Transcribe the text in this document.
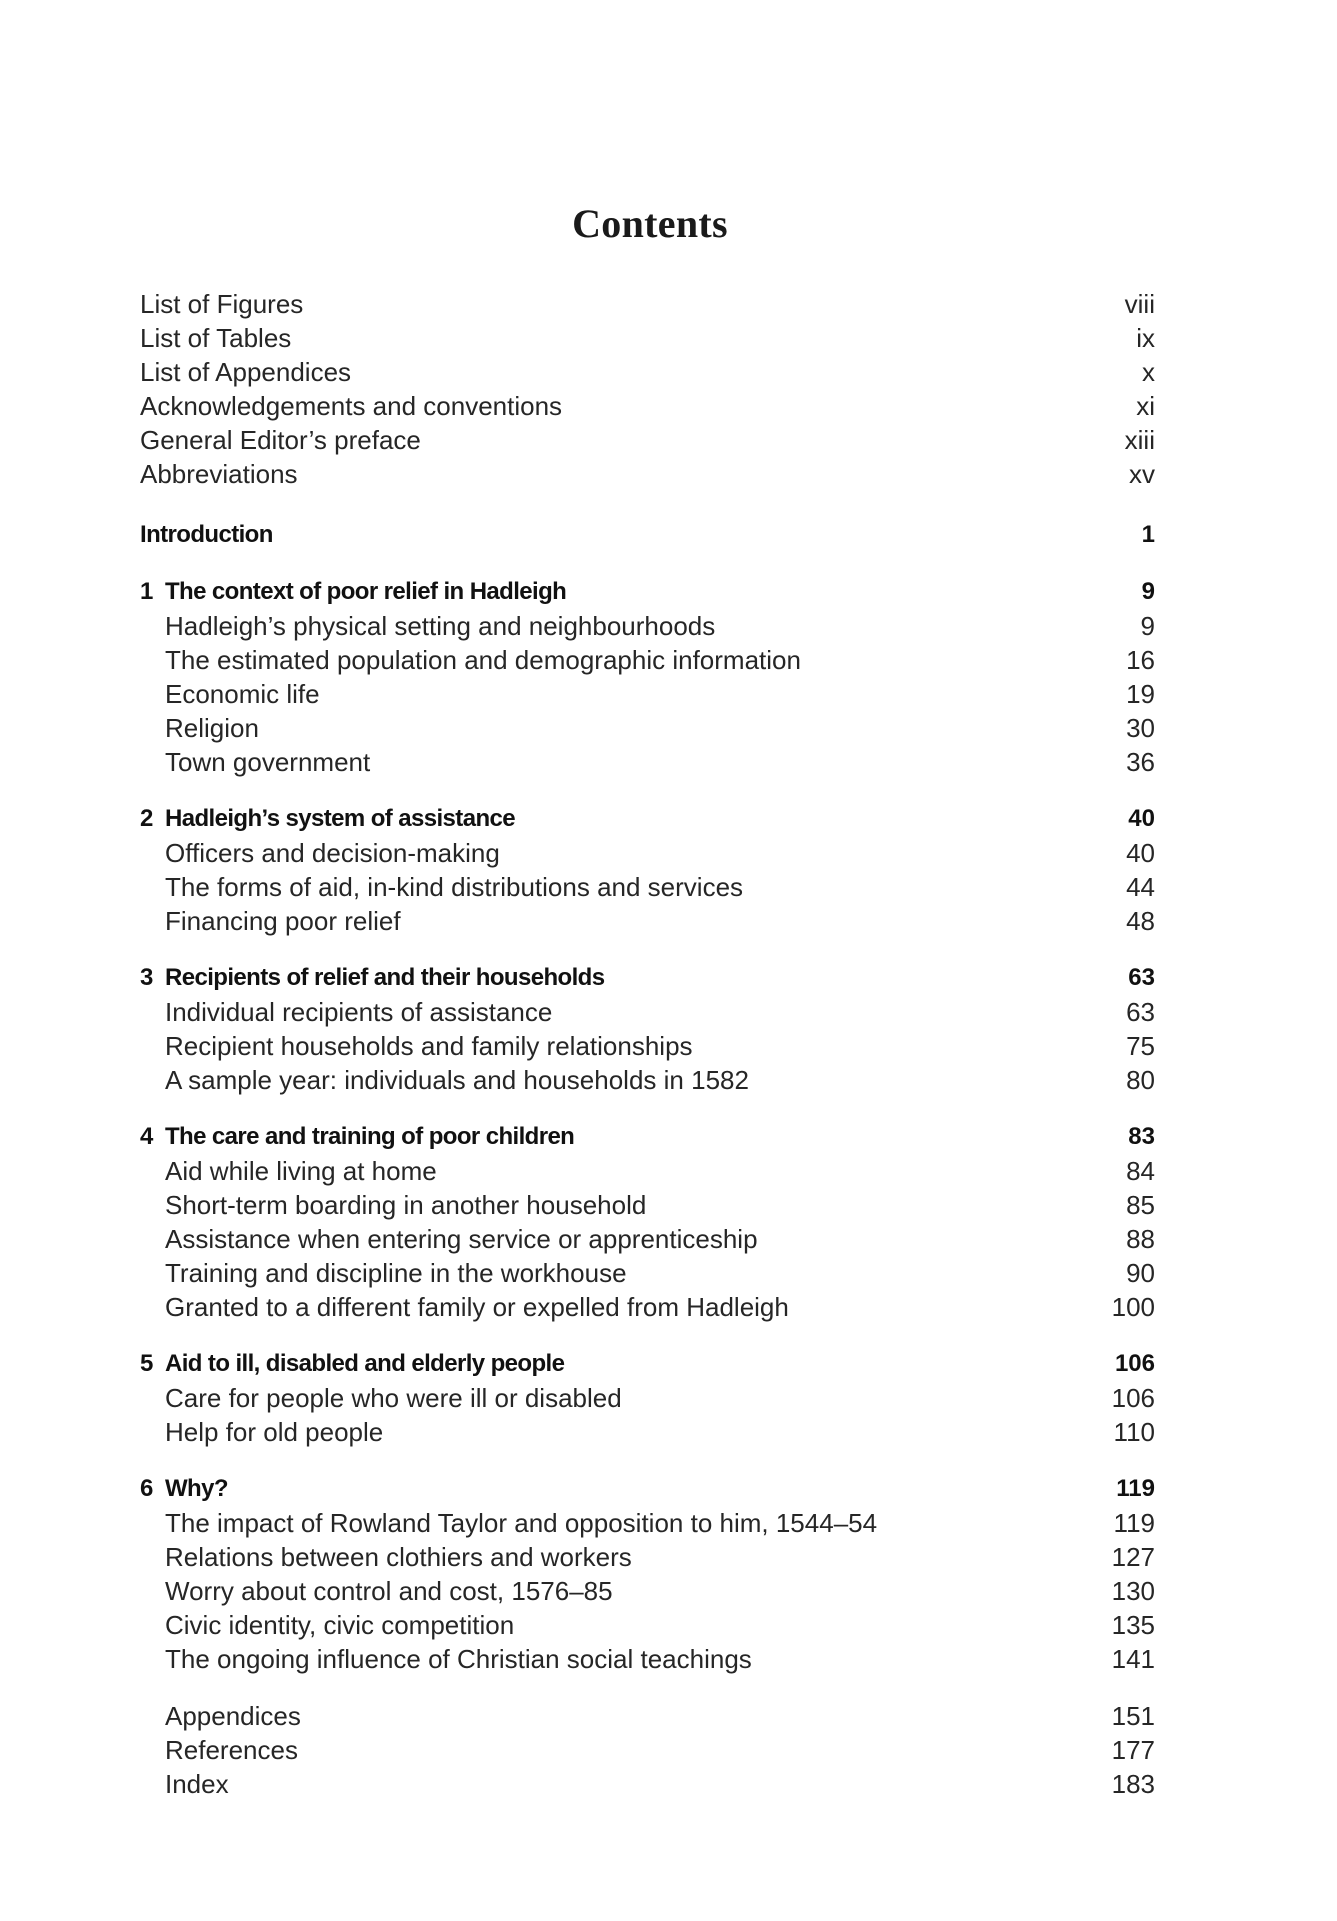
Contents
List of Figures	viii
List of Tables	ix
List of Appendices	x
Acknowledgements and conventions	xi
General Editor’s preface	xiii
Abbreviations	xv
Introduction	1
1 The context of poor relief in Hadleigh	9
Hadleigh’s physical setting and neighbourhoods	9
The estimated population and demographic information	16
Economic life	19
Religion	30
Town government	36
2 Hadleigh’s system of assistance	40
Officers and decision-making	40
The forms of aid, in-kind distributions and services	44
Financing poor relief	48
3 Recipients of relief and their households	63
Individual recipients of assistance	63
Recipient households and family relationships	75
A sample year: individuals and households in 1582	80
4 The care and training of poor children	83
Aid while living at home	84
Short-term boarding in another household	85
Assistance when entering service or apprenticeship	88
Training and discipline in the workhouse	90
Granted to a different family or expelled from Hadleigh	100
5 Aid to ill, disabled and elderly people	106
Care for people who were ill or disabled	106
Help for old people	110
6 Why?	119
The impact of Rowland Taylor and opposition to him, 1544–54	119
Relations between clothiers and workers	127
Worry about control and cost, 1576–85	130
Civic identity, civic competition	135
The ongoing influence of Christian social teachings	141
Appendices	151
References	177
Index	183
